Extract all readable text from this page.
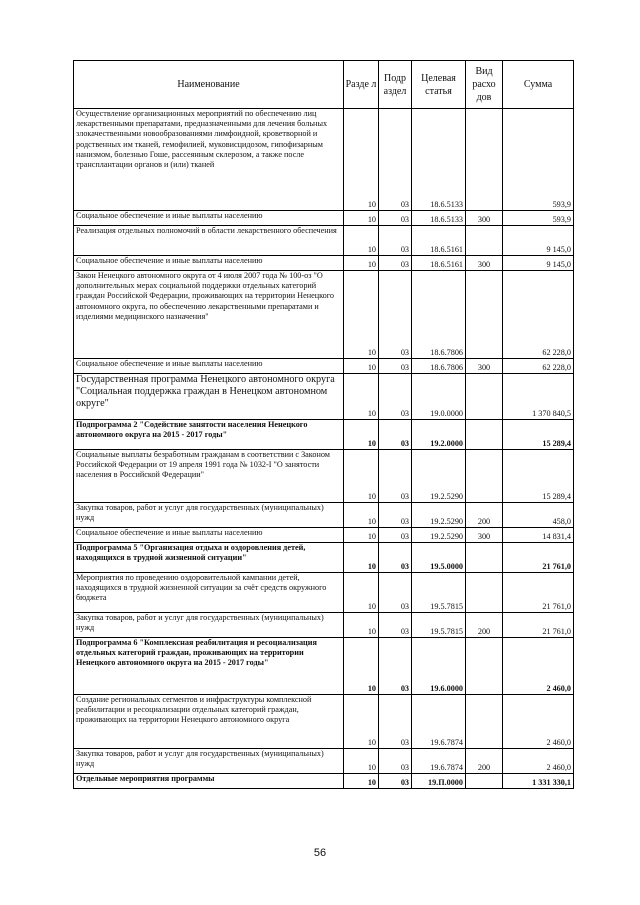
Наименование	Разде л	Подр аздел	Целевая статья	Вид расхо дов	Сумма
Осуществление организационных мероприятий по обеспечению лиц лекарственными препаратами, предназначенными для лечения больных злокачественными новообразованиями лимфоидной, кроветворной и родственных им тканей, гемофилией, муковисцидозом, гипофизарным нанизмом, болезнью Гоше, рассеянным склерозом, а также после трансплантации органов и (или) тканей	10	03	18.6.5133		593,9
Социальное обеспечение и иные выплаты населению	10	03	18.6.5133	300	593,9
Реализация отдельных полномочий в области лекарственного обеспечения	10	03	18.6.5161		9 145,0
Социальное обеспечение и иные выплаты населению	10	03	18.6.5161	300	9 145,0
Закон Ненецкого автономного округа от 4 июля 2007 года № 100-оз "О дополнительных мерах социальной поддержки отдельных категорий граждан Российской Федерации, проживающих на территории Ненецкого автономного округа, по обеспечению лекарственными препаратами и изделиями медицинского назначения"	10	03	18.6.7806		62 228,0
Социальное обеспечение и иные выплаты населению	10	03	18.6.7806	300	62 228,0
Государственная программа Ненецкого автономного округа "Социальная поддержка граждан в Ненецком автономном округе"	10	03	19.0.0000		1 370 840,5
Подпрограмма 2 "Содействие занятости населения Ненецкого автономного округа на 2015 - 2017 годы"	10	03	19.2.0000		15 289,4
Социальные выплаты безработным гражданам в соответствии с Законом Российской Федерации от 19 апреля 1991 года № 1032-I "О занятости населения в Российской Федерации"	10	03	19.2.5290		15 289,4
Закупка товаров, работ и услуг для государственных (муниципальных) нужд	10	03	19.2.5290	200	458,0
Социальное обеспечение и иные выплаты населению	10	03	19.2.5290	300	14 831,4
Подпрограмма 5 "Организация отдыха и оздоровления детей, находящихся в трудной жизненной ситуации"	10	03	19.5.0000		21 761,0
Мероприятия по проведению оздоровительной кампании детей, находящихся в трудной жизненной ситуации за счёт средств окружного бюджета	10	03	19.5.7815		21 761,0
Закупка товаров, работ и услуг для государственных (муниципальных) нужд	10	03	19.5.7815	200	21 761,0
Подпрограмма 6 "Комплексная реабилитация и ресоциализация отдельных категорий граждан, проживающих на территории Ненецкого автономного округа на 2015 - 2017 годы"	10	03	19.6.0000		2 460,0
Создание региональных сегментов и инфраструктуры комплексной реабилитации и ресоциализации отдельных категорий граждан, проживающих на территории Ненецкого автономного округа	10	03	19.6.7874		2 460,0
Закупка товаров, работ и услуг для государственных (муниципальных) нужд	10	03	19.6.7874	200	2 460,0
Отдельные мероприятия программы	10	03	19.П.0000		1 331 330,1
56
